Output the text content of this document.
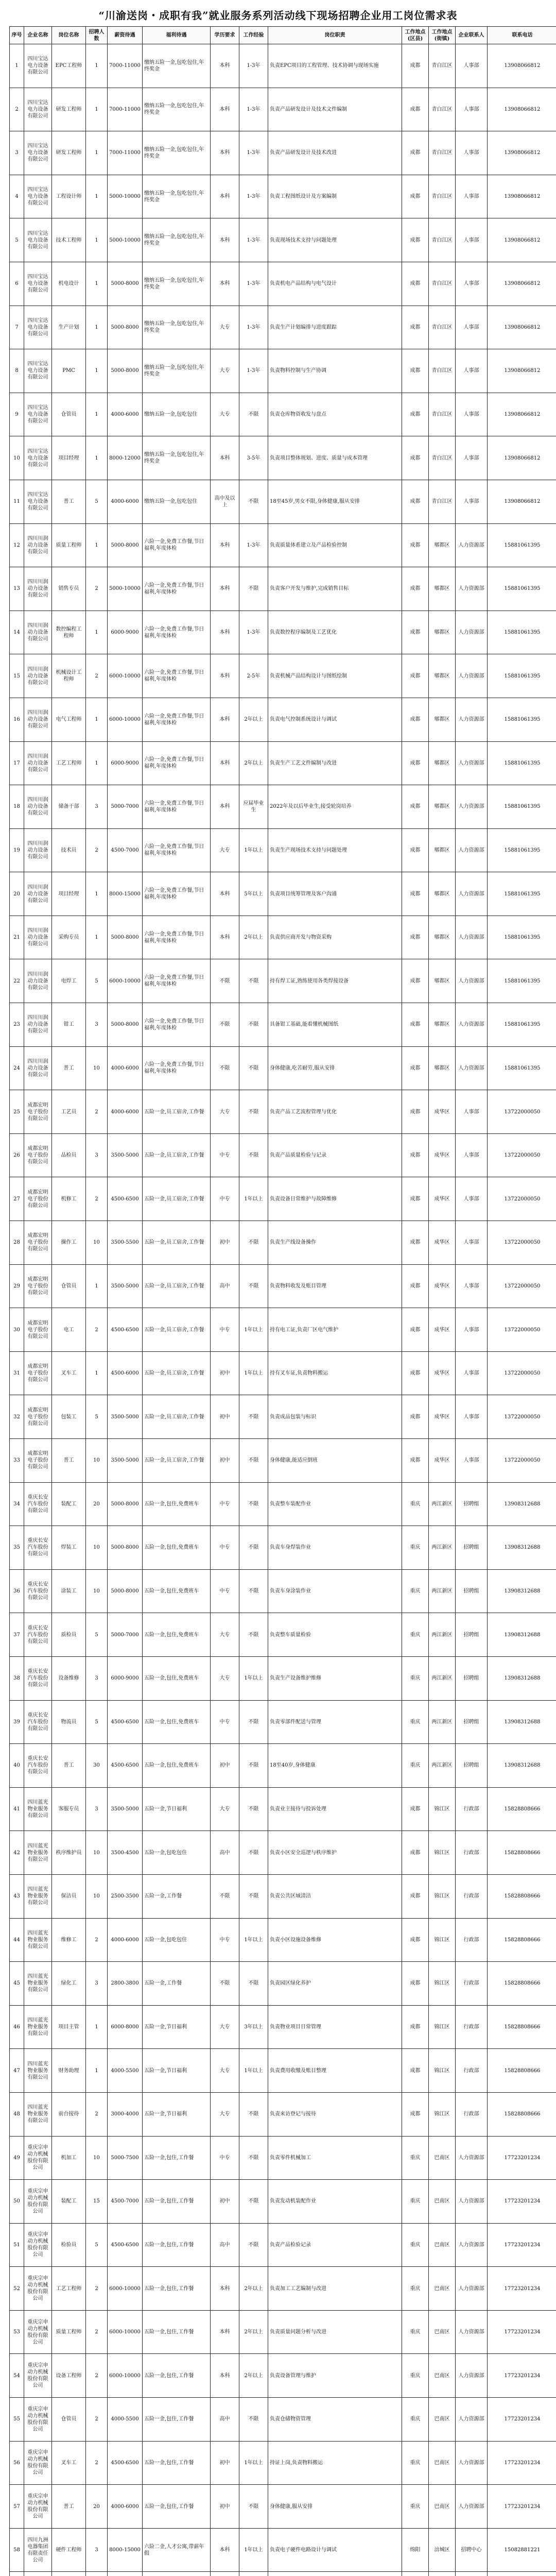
“川渝送岗・成职有我”就业服务系列活动线下现场招聘企业用工岗位需求表
序号	企业名称	岗位名称	招聘人数	薪资待遇	福利待遇	学历要求	工作经验	岗位职责	工作地点(区县)	工作地点(街镇)	企业联系人	联系电话
1	四川宝达电力设备有限公司	EPC工程师	1	7000-11000	缴纳五险一金,包吃包住,年终奖金	本科	1-3年	负责EPC项目的工程管理、技术协调与现场实施	成都	青白江区	人事部	13908066812
2	四川宝达电力设备有限公司	研发工程师	1	7000-11000	缴纳五险一金,包吃包住,年终奖金	本科	1-3年	负责产品研发设计及技术文件编制	成都	青白江区	人事部	13908066812
3	四川宝达电力设备有限公司	研发工程师	1	7000-11000	缴纳五险一金,包吃包住,年终奖金	本科	1-3年	负责产品研发设计及技术改进	成都	青白江区	人事部	13908066812
4	四川宝达电力设备有限公司	工程设计师	1	5000-10000	缴纳五险一金,包吃包住,年终奖金	本科	1-3年	负责工程图纸设计及方案编制	成都	青白江区	人事部	13908066812
5	四川宝达电力设备有限公司	技术工程师	1	5000-10000	缴纳五险一金,包吃包住,年终奖金	本科	1-3年	负责现场技术支持与问题处理	成都	青白江区	人事部	13908066812
6	四川宝达电力设备有限公司	机电设计	1	5000-8000	缴纳五险一金,包吃包住,年终奖金	本科	1-3年	负责机电产品结构与电气设计	成都	青白江区	人事部	13908066812
7	四川宝达电力设备有限公司	生产计划	1	5000-8000	缴纳五险一金,包吃包住,年终奖金	大专	1-3年	负责生产计划编排与进度跟踪	成都	青白江区	人事部	13908066812
8	四川宝达电力设备有限公司	PMC	1	5000-8000	缴纳五险一金,包吃包住,年终奖金	大专	1-3年	负责物料控制与生产协调	成都	青白江区	人事部	13908066812
9	四川宝达电力设备有限公司	仓管员	1	4000-6000	缴纳五险一金,包吃包住	大专	不限	负责仓库物资收发与盘点	成都	青白江区	人事部	13908066812
10	四川宝达电力设备有限公司	项目经理	1	8000-12000	缴纳五险一金,包吃包住,年终奖金	本科	3-5年	负责项目整体规划、进度、质量与成本管理	成都	青白江区	人事部	13908066812
11	四川宝达电力设备有限公司	普工	5	4000-6000	缴纳五险一金,包吃包住	高中及以上	不限	18至45岁,男女不限,身体健康,服从安排	成都	青白江区	人事部	13908066812
12	四川川润动力设备有限公司	质量工程师	1	5000-8000	六险一金,免费工作餐,节日福利,年度体检	本科	1-3年	负责质量体系建立及产品检验控制	成都	郫都区	人力资源部	15881061395
13	四川川润动力设备有限公司	销售专员	2	5000-10000	六险一金,免费工作餐,节日福利,年度体检	本科	不限	负责客户开发与维护,完成销售目标	成都	郫都区	人力资源部	15881061395
14	四川川润动力设备有限公司	数控编程工程师	1	6000-9000	六险一金,免费工作餐,节日福利,年度体检	本科	1-3年	负责数控程序编制及工艺优化	成都	郫都区	人力资源部	15881061395
15	四川川润动力设备有限公司	机械设计工程师	2	6000-10000	六险一金,免费工作餐,节日福利,年度体检	本科	2-5年	负责机械产品结构设计与图纸绘制	成都	郫都区	人力资源部	15881061395
16	四川川润动力设备有限公司	电气工程师	1	6000-10000	六险一金,免费工作餐,节日福利,年度体检	本科	2年以上	负责电气控制系统设计与调试	成都	郫都区	人力资源部	15881061395
17	四川川润动力设备有限公司	工艺工程师	1	6000-9000	六险一金,免费工作餐,节日福利,年度体检	本科	2年以上	负责生产工艺文件编制与改进	成都	郫都区	人力资源部	15881061395
18	四川川润动力设备有限公司	储备干部	3	5000-7000	六险一金,免费工作餐,节日福利,年度体检	本科	应届毕业生	2022年及以后毕业生,接受轮岗培养	成都	郫都区	人力资源部	15881061395
19	四川川润动力设备有限公司	技术员	2	4500-7000	六险一金,免费工作餐,节日福利,年度体检	大专	1年以上	负责生产现场技术支持与问题处理	成都	郫都区	人力资源部	15881061395
20	四川川润动力设备有限公司	项目经理	1	8000-15000	六险一金,免费工作餐,节日福利,年度体检	本科	5年以上	负责项目统筹管理及客户沟通	成都	郫都区	人力资源部	15881061395
21	四川川润动力设备有限公司	采购专员	1	5000-8000	六险一金,免费工作餐,节日福利,年度体检	本科	2年以上	负责供应商开发与物资采购	成都	郫都区	人力资源部	15881061395
22	四川川润动力设备有限公司	电焊工	5	6000-10000	六险一金,免费工作餐,节日福利,年度体检	不限	不限	持有焊工证,熟练使用各类焊接设备	成都	郫都区	人力资源部	15881061395
23	四川川润动力设备有限公司	钳工	3	5000-8000	六险一金,免费工作餐,节日福利,年度体检	不限	不限	具备钳工基础,能看懂机械图纸	成都	郫都区	人力资源部	15881061395
24	四川川润动力设备有限公司	普工	10	4000-6000	六险一金,免费工作餐,节日福利,年度体检	不限	不限	身体健康,吃苦耐劳,服从安排	成都	郫都区	人力资源部	15881061395
25	成都宏明电子股份有限公司	工艺员	2	4000-6000	五险一金,员工宿舍,工作餐	大专	不限	负责产品工艺流程管理与优化	成都	成华区	人事部	13722000050
26	成都宏明电子股份有限公司	品检员	3	3500-5000	五险一金,员工宿舍,工作餐	中专	不限	负责产品质量检验与记录	成都	成华区	人事部	13722000050
27	成都宏明电子股份有限公司	机修工	2	4500-6500	五险一金,员工宿舍,工作餐	中专	1年以上	负责设备日常维护与故障维修	成都	成华区	人事部	13722000050
28	成都宏明电子股份有限公司	操作工	10	3500-5500	五险一金,员工宿舍,工作餐	初中	不限	负责生产线设备操作	成都	成华区	人事部	13722000050
29	成都宏明电子股份有限公司	仓管员	1	3500-5000	五险一金,员工宿舍,工作餐	高中	不限	负责物料收发及账目管理	成都	成华区	人事部	13722000050
30	成都宏明电子股份有限公司	电工	2	4500-6500	五险一金,员工宿舍,工作餐	中专	1年以上	持有电工证,负责厂区电气维护	成都	成华区	人事部	13722000050
31	成都宏明电子股份有限公司	叉车工	1	4500-6000	五险一金,员工宿舍,工作餐	初中	1年以上	持有叉车证,负责物料搬运	成都	成华区	人事部	13722000050
32	成都宏明电子股份有限公司	包装工	5	3500-5000	五险一金,员工宿舍,工作餐	初中	不限	负责成品包装与标识	成都	成华区	人事部	13722000050
33	成都宏明电子股份有限公司	普工	10	3500-5000	五险一金,员工宿舍,工作餐	初中	不限	身体健康,能适应倒班	成都	成华区	人事部	13722000050
34	重庆长安汽车股份有限公司	装配工	20	5000-8000	五险一金,包住,免费班车	中专	不限	负责整车装配作业	重庆	两江新区	招聘组	13908312688
35	重庆长安汽车股份有限公司	焊装工	10	5000-8000	五险一金,包住,免费班车	中专	不限	负责车身焊装作业	重庆	两江新区	招聘组	13908312688
36	重庆长安汽车股份有限公司	涂装工	10	5000-8000	五险一金,包住,免费班车	中专	不限	负责车身涂装作业	重庆	两江新区	招聘组	13908312688
37	重庆长安汽车股份有限公司	质检员	5	5000-7000	五险一金,包住,免费班车	大专	不限	负责整车质量检验	重庆	两江新区	招聘组	13908312688
38	重庆长安汽车股份有限公司	设备维修	3	6000-9000	五险一金,包住,免费班车	大专	1年以上	负责生产设备维护维修	重庆	两江新区	招聘组	13908312688
39	重庆长安汽车股份有限公司	物流员	5	4500-6500	五险一金,包住,免费班车	中专	不限	负责零部件配送与管理	重庆	两江新区	招聘组	13908312688
40	重庆长安汽车股份有限公司	普工	30	4500-6500	五险一金,包住,免费班车	初中	不限	18至40岁,身体健康	重庆	两江新区	招聘组	13908312688
41	四川蓝光物业服务有限公司	客服专员	3	3500-5000	五险一金,节日福利	大专	不限	负责业主接待与投诉处理	成都	锦江区	行政部	15828808666
42	四川蓝光物业服务有限公司	秩序维护员	10	3500-4500	五险一金,包吃包住	高中	不限	负责小区安全巡逻与秩序维护	成都	锦江区	行政部	15828808666
43	四川蓝光物业服务有限公司	保洁员	10	2500-3500	五险一金,工作餐	不限	不限	负责公共区域清洁	成都	锦江区	行政部	15828808666
44	四川蓝光物业服务有限公司	维修工	2	4000-6000	五险一金,包吃包住	中专	1年以上	负责小区设施设备维修	成都	锦江区	行政部	15828808666
45	四川蓝光物业服务有限公司	绿化工	3	2800-3800	五险一金,工作餐	不限	不限	负责园区绿化养护	成都	锦江区	行政部	15828808666
46	四川蓝光物业服务有限公司	项目主管	1	6000-8000	五险一金,节日福利	大专	3年以上	负责物业项目日常管理	成都	锦江区	行政部	15828808666
47	四川蓝光物业服务有限公司	财务助理	1	4000-5500	五险一金,节日福利	大专	1年以上	负责费用收缴及账目整理	成都	锦江区	行政部	15828808666
48	四川蓝光物业服务有限公司	前台接待	2	3000-4000	五险一金,节日福利	大专	不限	负责来访登记与接待	成都	锦江区	行政部	15828808666
49	重庆宗申动力机械股份有限公司	机加工	10	5000-7500	五险一金,包住,工作餐	中专	不限	负责零件机械加工	重庆	巴南区	人力资源部	17723201234
50	重庆宗申动力机械股份有限公司	装配工	15	4500-7000	五险一金,包住,工作餐	初中	不限	负责发动机装配作业	重庆	巴南区	人力资源部	17723201234
51	重庆宗申动力机械股份有限公司	检验员	5	4500-6500	五险一金,包住,工作餐	高中	不限	负责产品检验记录	重庆	巴南区	人力资源部	17723201234
52	重庆宗申动力机械股份有限公司	工艺工程师	2	6000-10000	五险一金,包住,工作餐	本科	2年以上	负责加工工艺编制与改进	重庆	巴南区	人力资源部	17723201234
53	重庆宗申动力机械股份有限公司	质量工程师	2	6000-10000	五险一金,包住,工作餐	本科	2年以上	负责质量问题分析与改进	重庆	巴南区	人力资源部	17723201234
54	重庆宗申动力机械股份有限公司	设备工程师	2	6000-10000	五险一金,包住,工作餐	本科	2年以上	负责设备管理与维护	重庆	巴南区	人力资源部	17723201234
55	重庆宗申动力机械股份有限公司	仓管员	2	4000-5500	五险一金,包住,工作餐	高中	不限	负责仓储物资管理	重庆	巴南区	人力资源部	17723201234
56	重庆宗申动力机械股份有限公司	叉车工	2	4500-6500	五险一金,包住,工作餐	初中	1年以上	持证上岗,负责物料搬运	重庆	巴南区	人力资源部	17723201234
57	重庆宗申动力机械股份有限公司	普工	20	4000-6000	五险一金,包住,工作餐	初中	不限	身体健康,服从安排	重庆	巴南区	人力资源部	17723201234
58	四川九洲电器集团有限责任公司	硬件工程师	3	8000-15000	六险二金,人才公寓,带薪年假	本科	1年以上	负责电子硬件电路设计与调试	绵阳	涪城区	招聘中心	15082881221
